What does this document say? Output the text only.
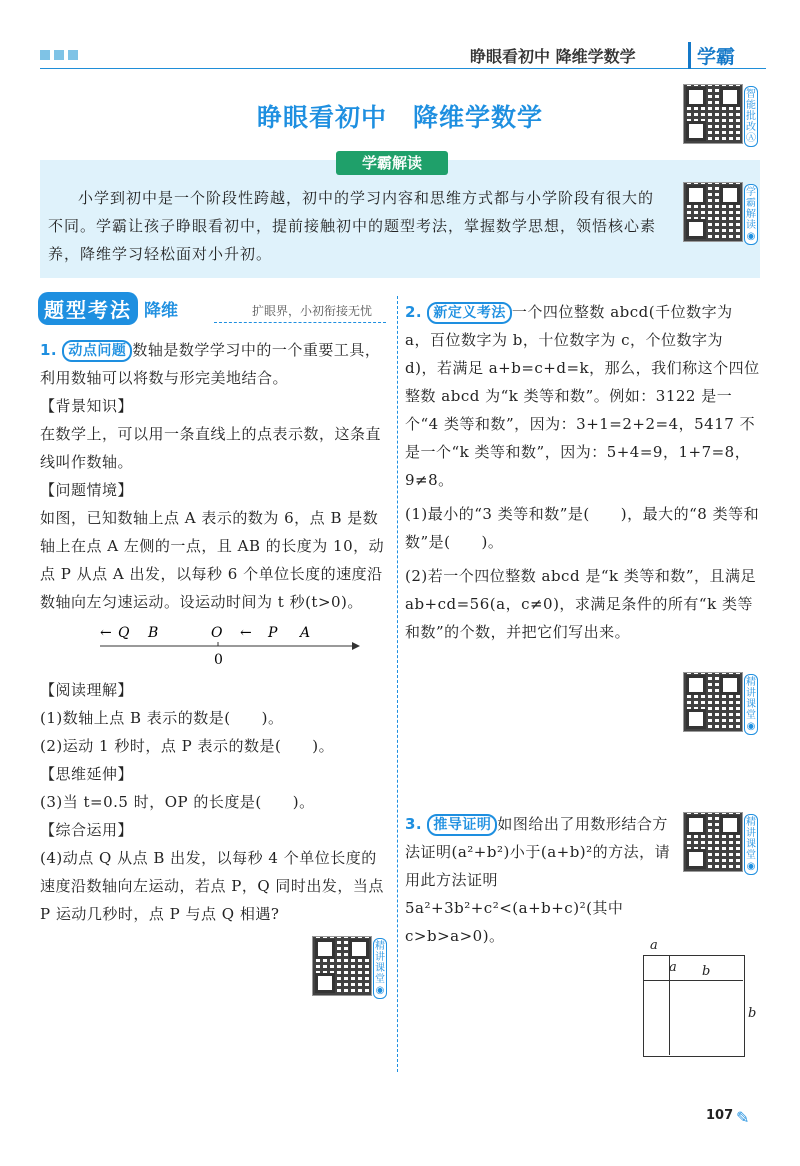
睁眼看初中 降维学数学	学霸
睁眼看初中　降维学数学
智
能
批
改
Ⓐ
学霸解读
小学到初中是一个阶段性跨越，初中的学习内容和思维方式都与小学阶段有很大的不同。学霸让孩子睁眼看初中，提前接触初中的题型考法，掌握数学思想，领悟核心素养，降维学习轻松面对小升初。
学
霸
解
读
◉
题型考法 降维	扩眼界，小初衔接无忧

1. 动点问题 数轴是数学学习中的一个重要工具，利用数轴可以将数与形完美地结合。

【背景知识】

在数学上，可以用一条直线上的点表示数，这条直线叫作数轴。

【问题情境】

如图，已知数轴上点 A 表示的数为 6，点 B 是数轴上在点 A 左侧的一点，且 AB 的长度为 10，动点 P 从点 A 出发，以每秒 6 个单位长度的速度沿数轴向左匀速运动。设运动时间为 t 秒(t>0)。

← Q B	O ← P A
0

【阅读理解】

(1)数轴上点 B 表示的数是(　　)。

(2)运动 1 秒时，点 P 表示的数是(　　)。

【思维延伸】

(3)当 t=0.5 时，OP 的长度是(　　)。

【综合运用】

(4)动点 Q 从点 B 出发，以每秒 4 个单位长度的速度沿数轴向左运动，若点 P，Q 同时出发，当点 P 运动几秒时，点 P 与点 Q 相遇?

精
讲
课
堂
◉

2. 新定义考法 一个四位整数 abcd(千位数字为 a，百位数字为 b，十位数字为 c，个位数字为 d)，若满足 a+b=c+d=k，那么，我们称这个四位整数 abcd 为“k 类等和数”。例如：3122 是一个“4 类等和数”，因为：3+1=2+2=4，5417 不是一个“k 类等和数”，因为：5+4=9，1+7=8，9≠8。

(1)最小的“3 类等和数”是(　　)，最大的“8 类等和数”是(　　)。

(2)若一个四位整数 abcd 是“k 类等和数”，且满足 ab+cd=56(a，c≠0)，求满足条件的所有“k 类等和数”的个数，并把它们写出来。

精
讲
课
堂
◉

3. 推导证明 如图给出了用数形结合方法证明(a²+b²)小于(a+b)²的方法，请用此方法证明 5a²+3b²+c²<(a+b+c)²(其中 c>b>a>0)。

精
讲
课
堂
◉
a
a b
b
107 ✎
